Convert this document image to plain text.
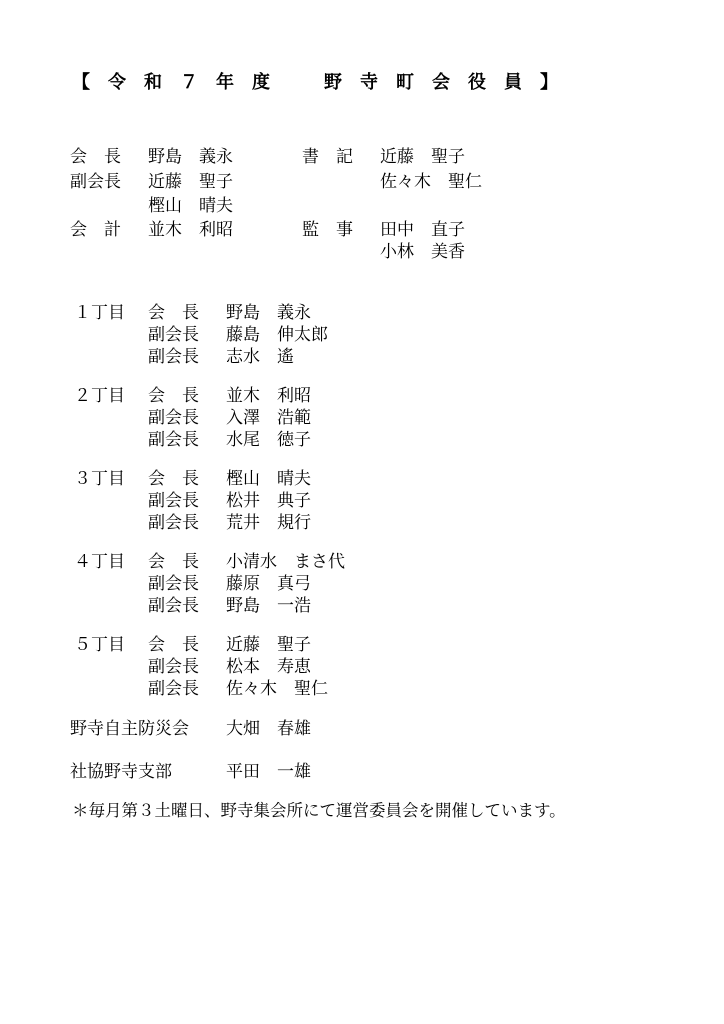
【　令　和　７　年　度　　　野　寺　町　会　役　員　】
会　長 野島　義永	書　記 近藤　聖子
副会長 近藤　聖子	佐々木　聖仁
樫山　晴夫
会　計 並木　利昭	監　事 田中　直子
小林　美香
１丁目 会　長 野島　義永
副会長 藤島　伸太郎
副会長 志水　遙
２丁目 会　長 並木　利昭
副会長 入澤　浩範
副会長 水尾　徳子
３丁目 会　長 樫山　晴夫
副会長 松井　典子
副会長 荒井　規行
４丁目 会　長 小清水　まさ代
副会長 藤原　真弓
副会長 野島　一浩
５丁目 会　長 近藤　聖子
副会長 松本　寿恵
副会長 佐々木　聖仁
野寺自主防災会 大畑　春雄
社協野寺支部	平田　一雄
＊毎月第３土曜日、野寺集会所にて運営委員会を開催しています。
